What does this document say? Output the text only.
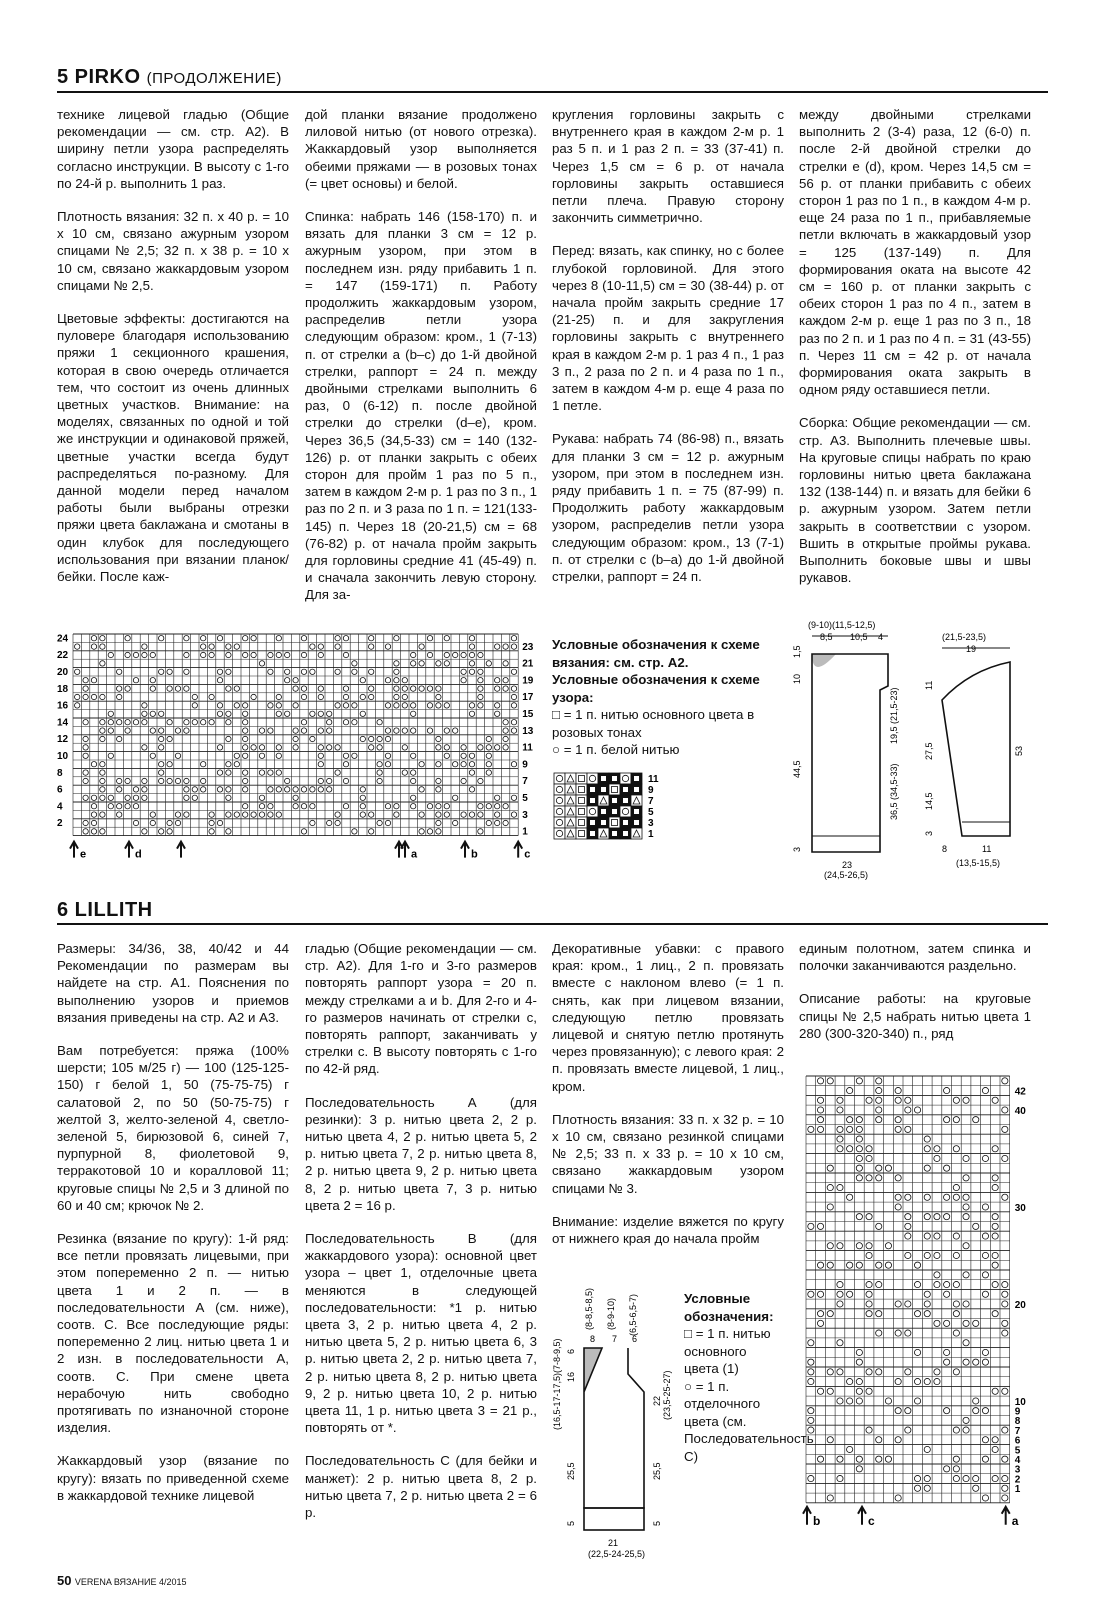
5 PIRKO (ПРОДОЛЖЕНИЕ)

технике лицевой гладью (Общие рекомендации — см. стр. А2). В ширину петли узора распределять согласно инструкции. В высоту с 1-го по 24-й р. выполнить 1 раз.

Плотность вязания: 32 п. х 40 р. = 10 х 10 см, связано ажурным узором спицами № 2,5; 32 п. х 38 р. = 10 х 10 см, связано жаккардовым узором спицами № 2,5.

Цветовые эффекты: достигаются на пуловере благодаря использованию пряжи 1 секционного крашения, которая в свою очередь отличается тем, что состоит из очень длинных цветных участков. Внимание: на моделях, связанных по одной и той же инструкции и одинаковой пряжей, цветные участки всегда будут распределяться по-разному. Для данной модели перед началом работы были выбраны отрезки пряжи цвета баклажана и смотаны в один клубок для последующего использования при вязании планок/бейки. После каж-

дой планки вязание продолжено лиловой нитью (от нового отрезка). Жаккардовый узор выполняется обеими пряжами — в розовых тонах (= цвет основы) и белой.

Спинка: набрать 146 (158-170) п. и вязать для планки 3 см = 12 р. ажурным узором, при этом в последнем изн. ряду прибавить 1 п. = 147 (159-171) п. Работу продолжить жаккардовым узором, распределив петли узора следующим образом: кром., 1 (7-13) п. от стрелки a (b–c) до 1-й двойной стрелки, раппорт = 24 п. между двойными стрелками выполнить 6 раз, 0 (6-12) п. после двойной стрелки до стрелки (d–e), кром. Через 36,5 (34,5-33) см = 140 (132-126) р. от планки закрыть с обеих сторон для пройм 1 раз по 5 п., затем в каждом 2-м р. 1 раз по 3 п., 1 раз по 2 п. и 3 раза по 1 п. = 121(133-145) п. Через 18 (20-21,5) см = 68 (76-82) р. от начала пройм закрыть для горловины средние 41 (45-49) п. и сначала закончить левую сторону. Для за-

кругления горловины закрыть с внутреннего края в каждом 2-м р. 1 раз 5 п. и 1 раз 2 п. = 33 (37-41) п. Через 1,5 см = 6 р. от начала горловины закрыть оставшиеся петли плеча. Правую сторону закончить симметрично.

Перед: вязать, как спинку, но с более глубокой горловиной. Для этого через 8 (10-11,5) см = 30 (38-44) р. от начала пройм закрыть средние 17 (21-25) п. и для закругления горловины закрыть с внутреннего края в каждом 2-м р. 1 раз 4 п., 1 раз 3 п., 2 раза по 2 п. и 4 раза по 1 п., затем в каждом 4-м р. еще 4 раза по 1 петле.

Рукава: набрать 74 (86-98) п., вязать для планки 3 см = 12 р. ажурным узором, при этом в последнем изн. ряду прибавить 1 п. = 75 (87-99) п. Продолжить работу жаккардовым узором, распределив петли узора следующим образом: кром., 13 (7-1) п. от стрелки с (b–a) до 1-й двойной стрелки, раппорт = 24 п.

между двойными стрелками выполнить 2 (3-4) раза, 12 (6-0) п. после 2-й двойной стрелки до стрелки е (d), кром. Через 14,5 см = 56 р. от планки прибавить с обеих сторон 1 раз по 1 п., в каждом 4-м р. еще 24 раза по 1 п., прибавляемые петли включать в жаккардовый узор = 125 (137-149) п. Для формирования оката на высоте 42 см = 160 р. от планки закрыть с обеих сторон 1 раз по 4 п., затем в каждом 2-м р. еще 1 раз по 3 п., 18 раз по 2 п. и 1 раз по 4 п. = 31 (43-55) п. Через 11 см = 42 р. от начала формирования оката закрыть в одном ряду оставшиеся петли.

Сборка: Общие рекомендации — см. стр. А3. Выполнить плечевые швы. На круговые спицы набрать по краю горловины нитью цвета баклажана 132 (138-144) п. и вязать для бейки 6 р. ажурным узором. Затем петли закрыть в соответствии с узором. Вшить в открытые проймы рукава. Выполнить боковые швы и швы рукавов.

24
22
20
18
16
14
12
10
8
6
4
2
23
21
19
17
15
13
11
9
7
5
3
1
e	d	a	b	c
Условные обозначения к схеме вязания: см. стр. А2.
Условные обозначения к схеме узора:
□ = 1 п. нитью основного цвета в розовых тонах
○ = 1 п. белой нитью
11
9
7
5
3
1
(9-10)(11,5-12,5)
8,5 10,5 4
10
1,5
44,5
3
19,5 (21,5-23)
36,5 (34,5-33)
23
(24,5-26,5)
(21,5-23,5)
19
11
27,5
14,5
3
53
8	11
(13,5-15,5)
6 LILLITH

Размеры: 34/36, 38, 40/42 и 44 Рекомендации по размерам вы найдете на стр. А1. Пояснения по выполнению узоров и приемов вязания приведены на стр. А2 и А3.

Вам потребуется: пряжа (100% шерсти; 105 м/25 г) — 100 (125-125-150) г белой 1, 50 (75-75-75) г салатовой 2, по 50 (50-75-75) г желтой 3, желто-зеленой 4, светло-зеленой 5, бирюзовой 6, синей 7, пурпурной 8, фиолетовой 9, терракотовой 10 и коралловой 11; круговые спицы № 2,5 и 3 длиной по 60 и 40 см; крючок № 2.

Резинка (вязание по кругу): 1-й ряд: все петли провязать лицевыми, при этом попеременно 2 п. — нитью цвета 1 и 2 п. — в последовательности А (см. ниже), соотв. С. Все последующие ряды: попеременно 2 лиц. нитью цвета 1 и 2 изн. в последовательности А, соотв. С. При смене цвета нерабочую нить свободно протягивать по изнаночной стороне изделия.

Жаккардовый узор (вязание по кругу): вязать по приведенной схеме в жаккардовой технике лицевой

гладью (Общие рекомендации — см. стр. А2). Для 1-го и 3-го размеров повторять раппорт узора = 20 п. между стрелками a и b. Для 2-го и 4-го размеров начинать от стрелки с, повторять раппорт, заканчивать у стрелки с. В высоту повторять с 1-го по 42-й ряд.

Последовательность А (для резинки): 3 р. нитью цвета 2, 2 р. нитью цвета 4, 2 р. нитью цвета 5, 2 р. нитью цвета 7, 2 р. нитью цвета 8, 2 р. нитью цвета 9, 2 р. нитью цвета 8, 2 р. нитью цвета 7, 3 р. нитью цвета 2 = 16 р.

Последовательность В (для жаккардового узора): основной цвет узора – цвет 1, отделочные цвета меняются в следующей последовательности: *1 р. нитью цвета 3, 2 р. нитью цвета 4, 2 р. нитью цвета 5, 2 р. нитью цвета 6, 3 р. нитью цвета 2, 2 р. нитью цвета 7, 2 р. нитью цвета 8, 2 р. нитью цвета 9, 2 р. нитью цвета 10, 2 р. нитью цвета 11, 1 р. нитью цвета 3 = 21 р., повторять от *.

Последовательность С (для бейки и манжет): 2 р. нитью цвета 8, 2 р. нитью цвета 7, 2 р. нитью цвета 2 = 6 р.

Декоративные убавки: с правого края: кром., 1 лиц., 2 п. провязать вместе с наклоном влево (= 1 п. снять, как при лицевом вязании, следующую петлю провязать лицевой и снятую петлю протянуть через провязанную); с левого края: 2 п. провязать вместе лицевой, 1 лиц., кром.

Плотность вязания: 33 п. х 32 р. = 10 х 10 см, связано резинкой спицами № 2,5; 33 п. х 33 р. = 10 х 10 см, связано жаккардовым узором спицами № 3.

Внимание: изделие вяжется по кругу от нижнего края до начала пройм

единым полотном, затем спинка и полочки заканчиваются раздельно.

Описание работы: на круговые спицы № 2,5 набрать нитью цвета 1 280 (300-320-340) п., ряд

(8-8,5-8,5) (8-9-10) (6,5-6,5-7)
8 7 6
(16,5-17-17,5)(7-8-9,5) 16
6
22 (23,5-25-27)
25,5	25,5
5	5
21
(22,5-24-25,5)
Условные обозначения:
□ = 1 п. нитью основного цвета (1)
○ = 1 п. отделочного цвета (см. Последовательность С)
42
40
30
20
10
9
8
7
6
5
4
3
2
1
b	c	a
50 VERENA ВЯЗАНИЕ 4/2015
